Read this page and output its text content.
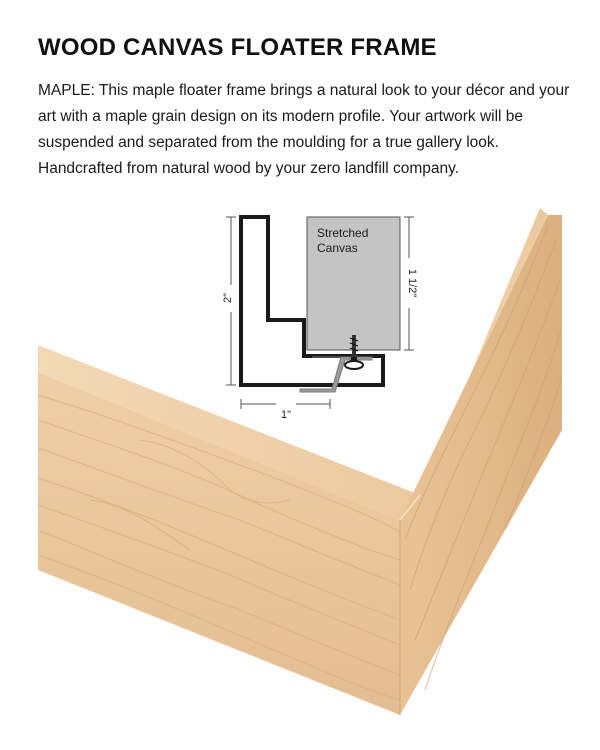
WOOD CANVAS FLOATER FRAME

MAPLE: This maple floater frame brings a natural look to your décor and your art with a maple grain design on its modern profile. Your artwork will be suspended and separated from the moulding for a true gallery look. Handcrafted from natural wood by your zero landfill company.

Stretched
Canvas
2"
1 1/2"
1"
